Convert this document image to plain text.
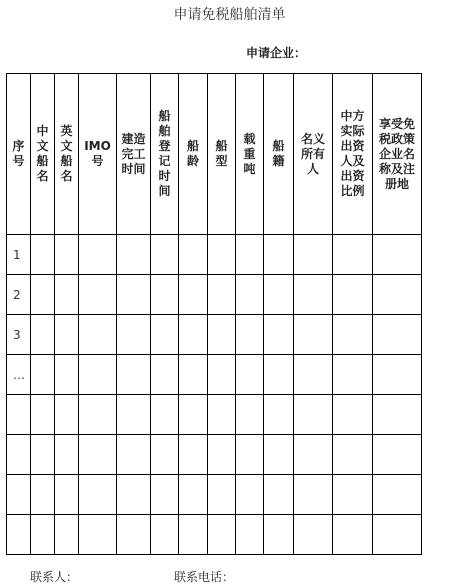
申请免税船舶清单
申请企业：
序号	中文船名	英文船名	IMO号	建造完工时间	船舶登记时间	船龄	船型	载重吨	船籍	名义所有人	中方实际出资人及出资比例	享受免税政策企业名称及注册地
1												
2												
3												
…												

联系人：	联系电话：
